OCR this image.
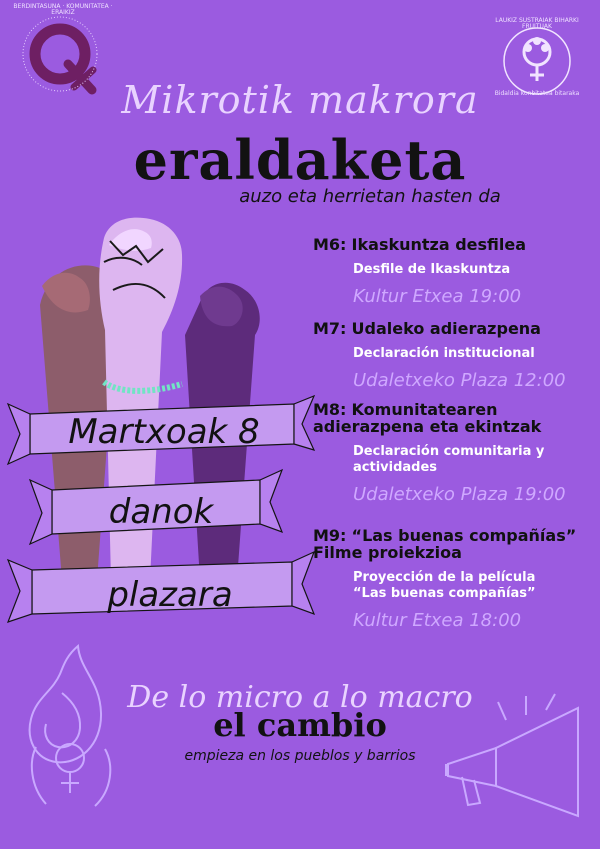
BERDINTASUNA · KOMUNITATEA · ERAIKIZ
LAUKIZ SUSTRAIAK BIHARKI FRUITUAK
Bidaldia konbitatea bitaraka
Mikrotik makrora
eraldaketa
auzo eta herrietan hasten da
Martxoak 8
danok
plazara
M6: Ikaskuntza desfilea
Desfile de Ikaskuntza
Kultur Etxea 19:00
M7: Udaleko adierazpena
Declaración institucional
Udaletxeko Plaza 12:00
M8: Komunitatearen adierazpena eta ekintzak
Declaración comunitaria y actividades
Udaletxeko Plaza 19:00
M9: “Las buenas compañías” Filme proiekzioa
Proyección de la película “Las buenas compañías”
Kultur Etxea 18:00
De lo micro a lo macro
el cambio
empieza en los pueblos y barrios
